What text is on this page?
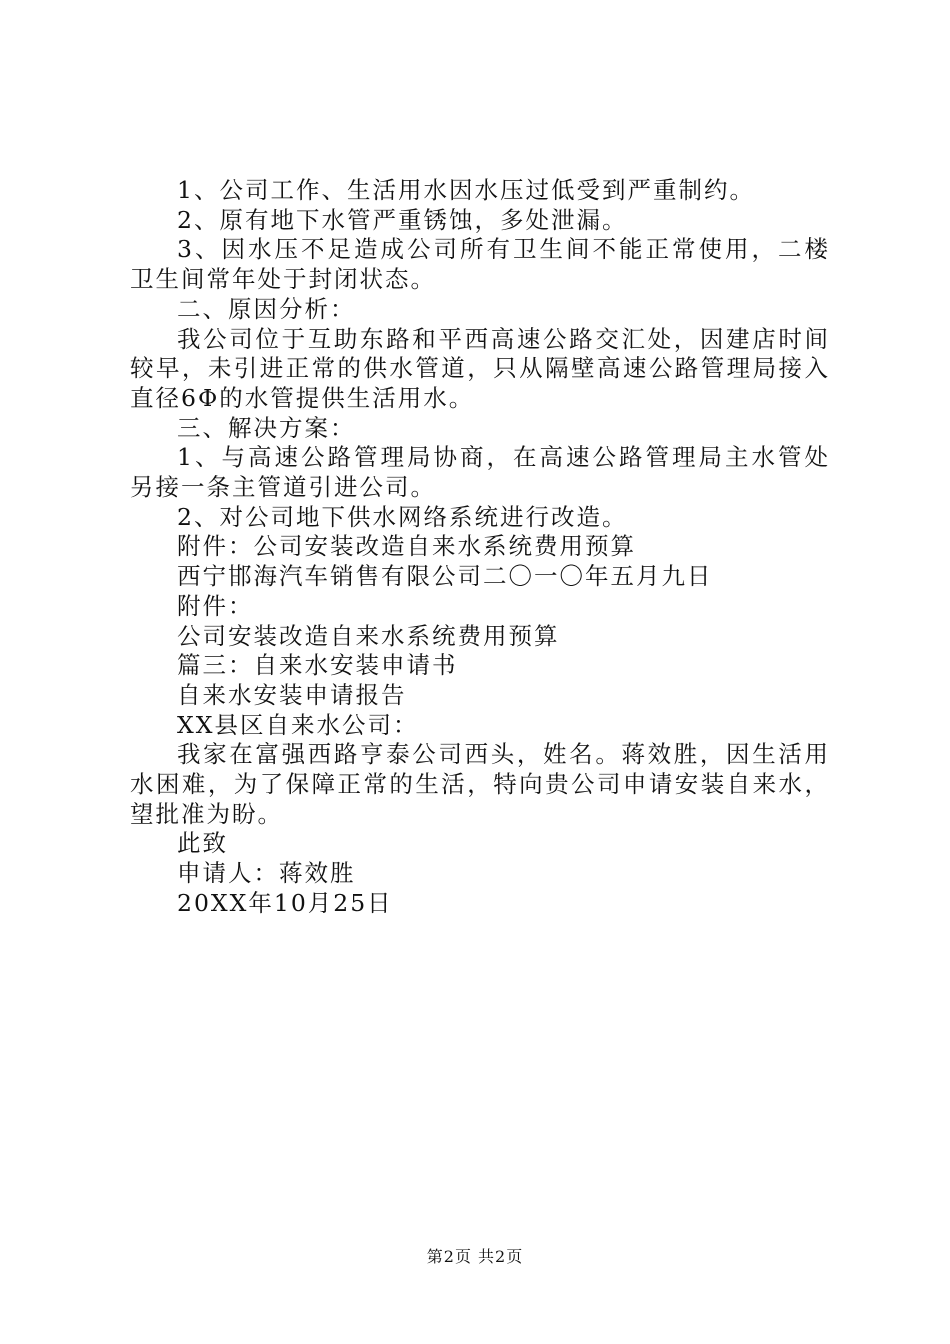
1、公司工作、生活用水因水压过低受到严重制约。

2、原有地下水管严重锈蚀，多处泄漏。

3、因水压不足造成公司所有卫生间不能正常使用，二楼卫生间常年处于封闭状态。

二、原因分析：

我公司位于互助东路和平西高速公路交汇处，因建店时间较早，未引进正常的供水管道，只从隔壁高速公路管理局接入直径6Φ的水管提供生活用水。

三、解决方案：

1、与高速公路管理局协商，在高速公路管理局主水管处另接一条主管道引进公司。

2、对公司地下供水网络系统进行改造。

附件：公司安装改造自来水系统费用预算

西宁邯海汽车销售有限公司二〇一〇年五月九日

附件：

公司安装改造自来水系统费用预算

篇三：自来水安装申请书

自来水安装申请报告

XX县区自来水公司：

我家在富强西路亨泰公司西头，姓名。蒋效胜，因生活用水困难，为了保障正常的生活，特向贵公司申请安装自来水，望批准为盼。

此致

申请人：蒋效胜

20XX年10月25日

第2页 共2页
